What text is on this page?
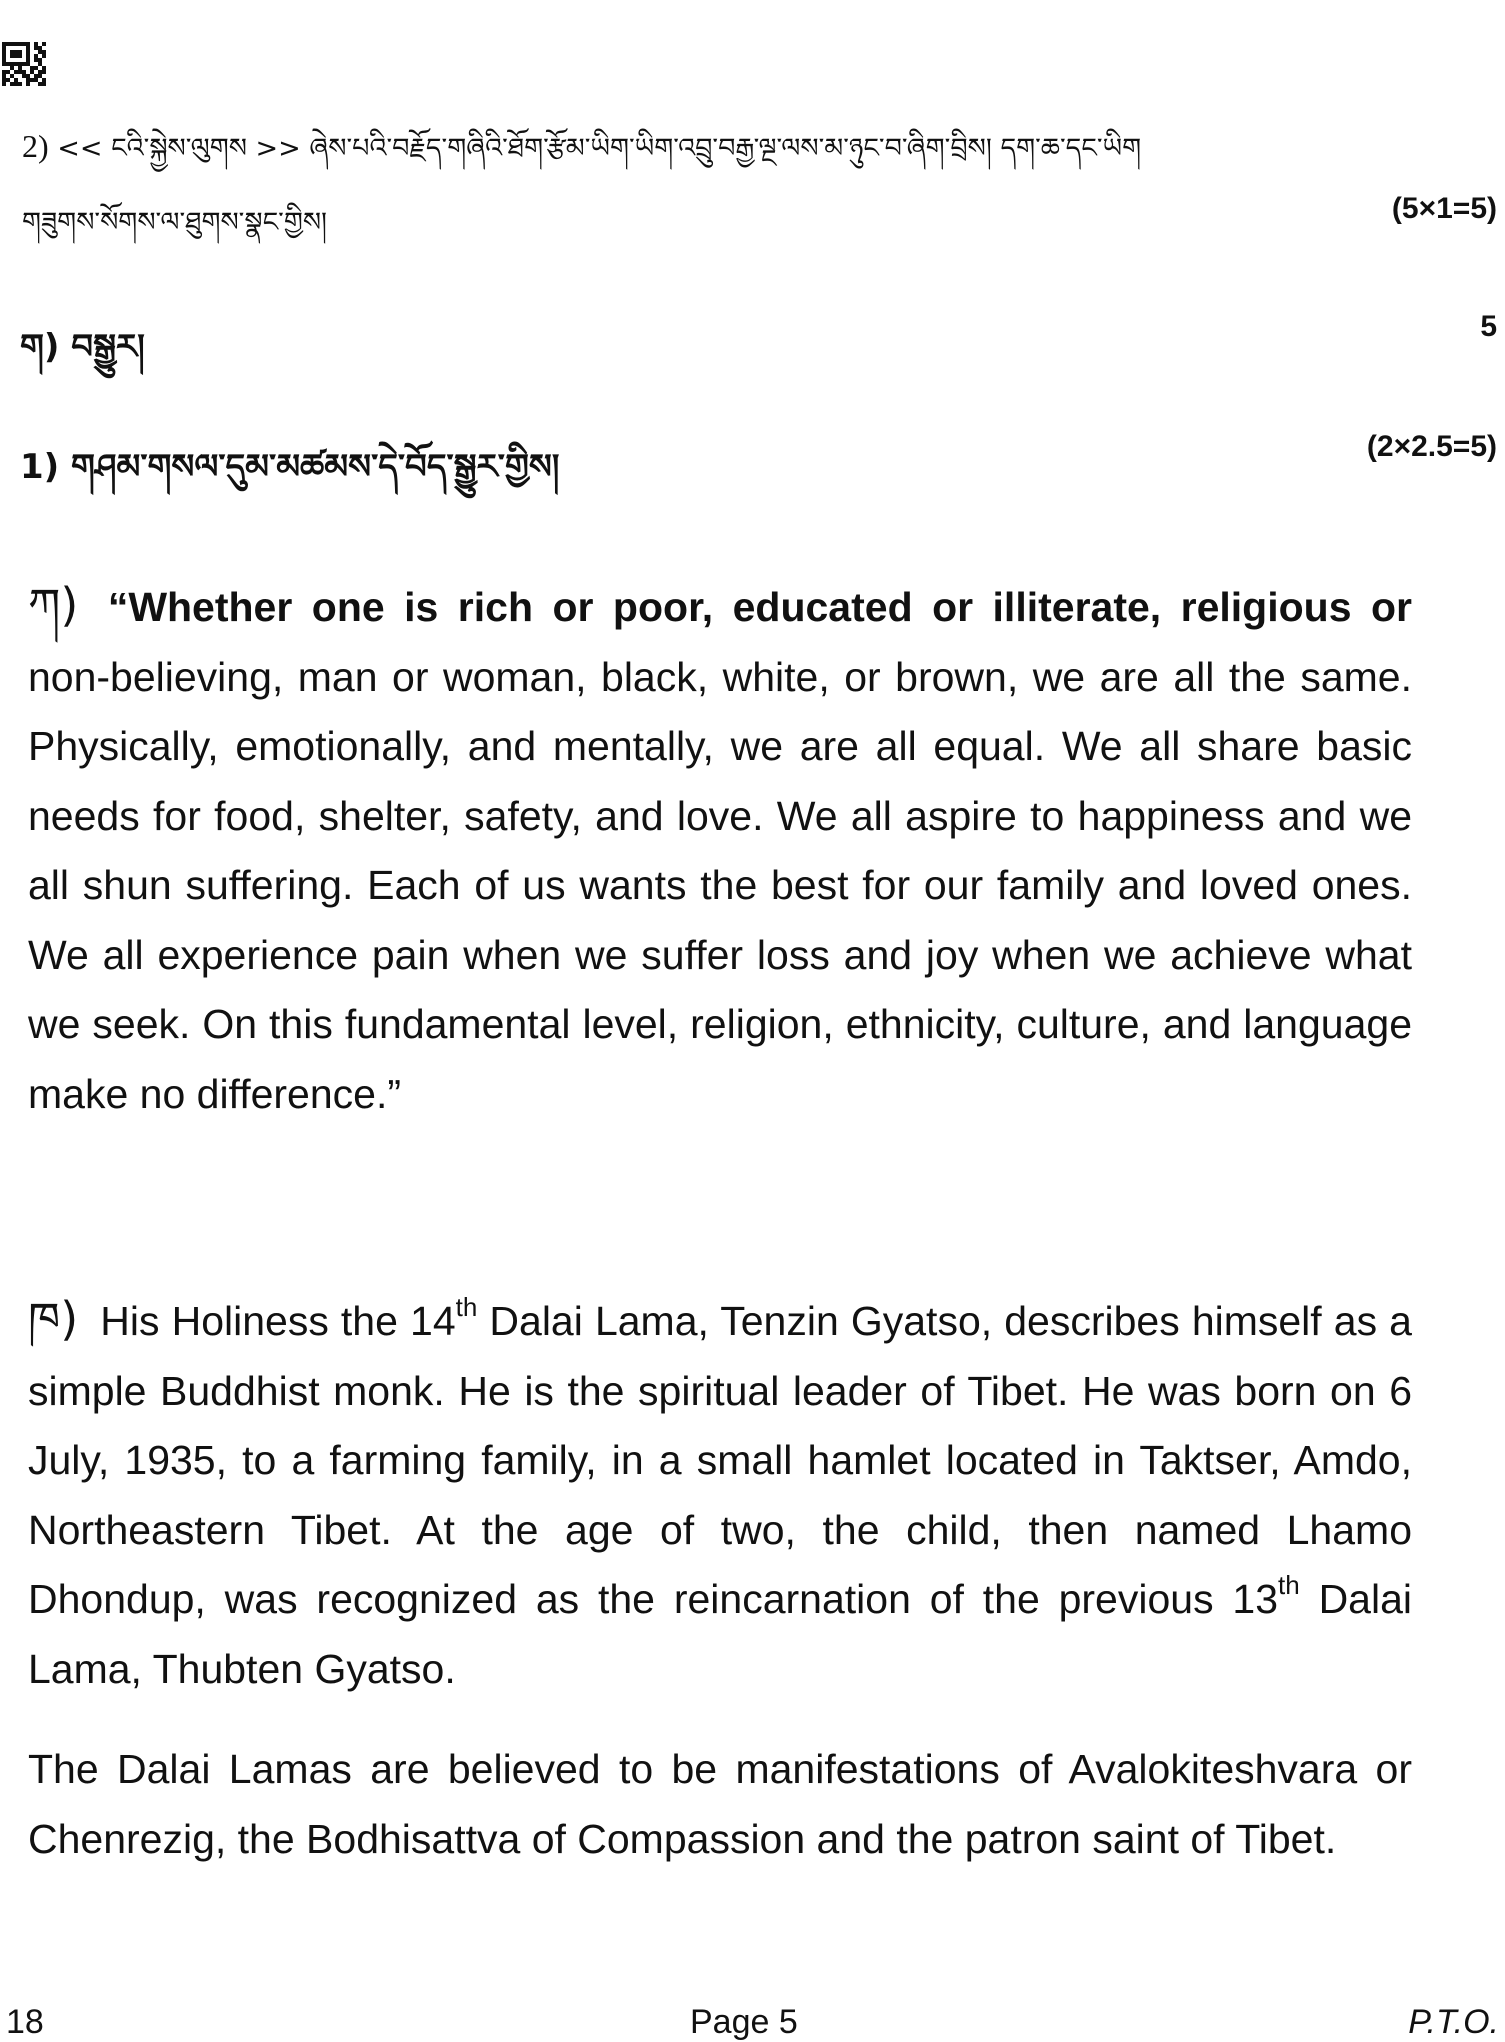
2) << ངའི་སྐྱེས་ལུགས >> ཞེས་པའི་བརྗོད་གཞིའི་ཐོག་རྩོམ་ཡིག་ཡིག་འབྲུ་བརྒྱ་ལྔ་ལས་མ་ཉུང་བ་ཞིག་བྲིས། དག་ཆ་དང་ཡིག
གཟུགས་སོགས་ལ་ཐུགས་སྣང་གྱིས།	(5×1=5)
ག) བསྒྱུར།
5
1) གཤམ་གསལ་དུམ་མཚམས་དེ་བོད་སྒྱུར་གྱིས།
(2×2.5=5)
ཀ) “Whether one is rich or poor, educated or illiterate, religious or non-believing, man or woman, black, white, or brown, we are all the same. Physically, emotionally, and mentally, we are all equal. We all share basic needs for food, shelter, safety, and love. We all aspire to happiness and we all shun suffering. Each of us wants the best for our family and loved ones. We all experience pain when we suffer loss and joy when we achieve what we seek. On this fundamental level, religion, ethnicity, culture, and language make no difference.”
ཁ) His Holiness the 14th Dalai Lama, Tenzin Gyatso, describes himself as a simple Buddhist monk. He is the spiritual leader of Tibet. He was born on 6 July, 1935, to a farming family, in a small hamlet located in Taktser, Amdo, Northeastern Tibet. At the age of two, the child, then named Lhamo Dhondup, was recognized as the reincarnation of the previous 13th Dalai Lama, Thubten Gyatso.
The Dalai Lamas are believed to be manifestations of Avalokiteshvara or Chenrezig, the Bodhisattva of Compassion and the patron saint of Tibet.
18	Page 5	P.T.O.
